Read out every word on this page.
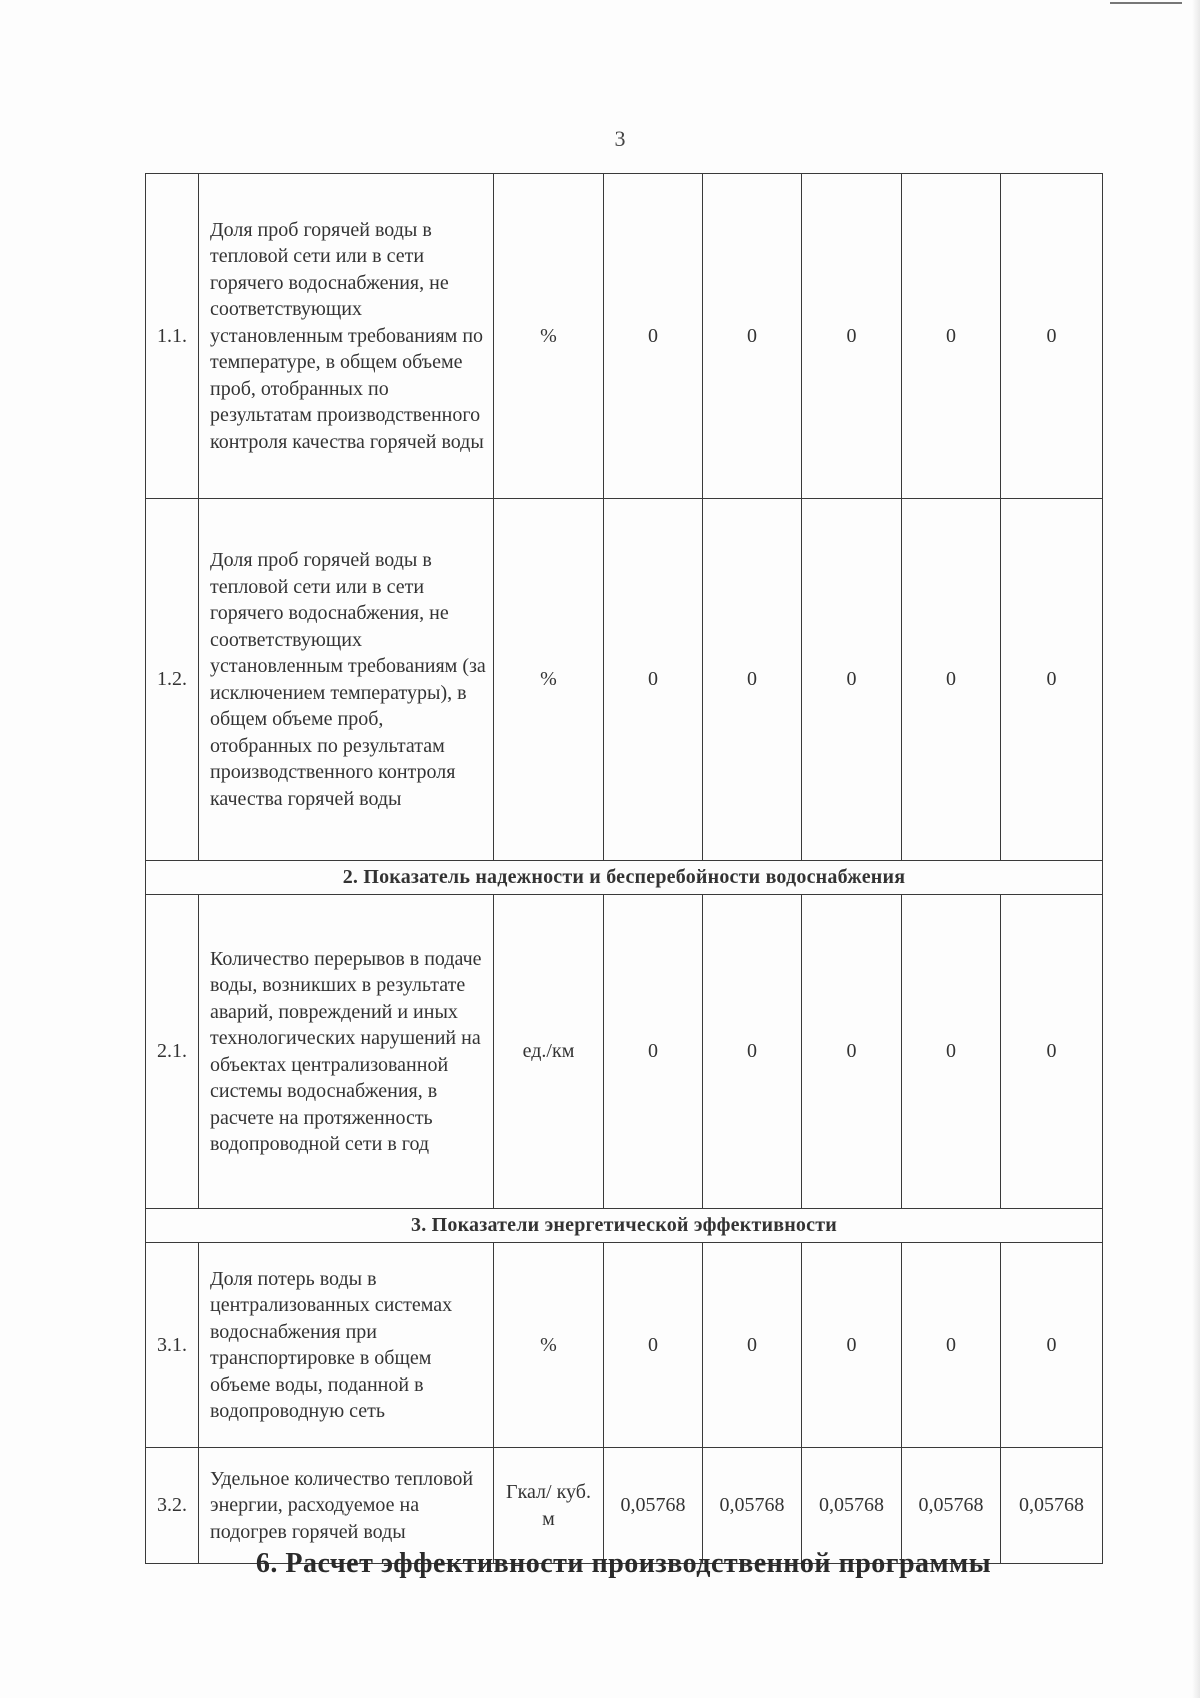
3
1.1.	Доля проб горячей воды в тепловой сети или в сети горячего водоснабжения, не соответствующих установленным требованиям по температуре, в общем объеме проб, отобранных по результатам производственного контроля качества горячей воды	%	0	0	0	0	0
1.2.	Доля проб горячей воды в тепловой сети или в сети горячего водоснабжения, не соответствующих установленным требованиям (за исключением температуры), в общем объеме проб, отобранных по результатам производственного контроля качества горячей воды	%	0	0	0	0	0
2. Показатель надежности и бесперебойности водоснабжения							
2.1.	Количество перерывов в подаче воды, возникших в результате аварий, повреждений и иных технологических нарушений на объектах централизованной системы водоснабжения, в расчете на протяженность водопроводной сети в год	ед./км	0	0	0	0	0
3. Показатели энергетической эффективности							
3.1.	Доля потерь воды в централизованных системах водоснабжения при транспортировке в общем объеме воды, поданной в водопроводную сеть	%	0	0	0	0	0
3.2.	Удельное количество тепловой энергии, расходуемое на подогрев горячей воды	Гкал/ куб. м	0,05768	0,05768	0,05768	0,05768	0,05768
6. Расчет эффективности производственной программы
